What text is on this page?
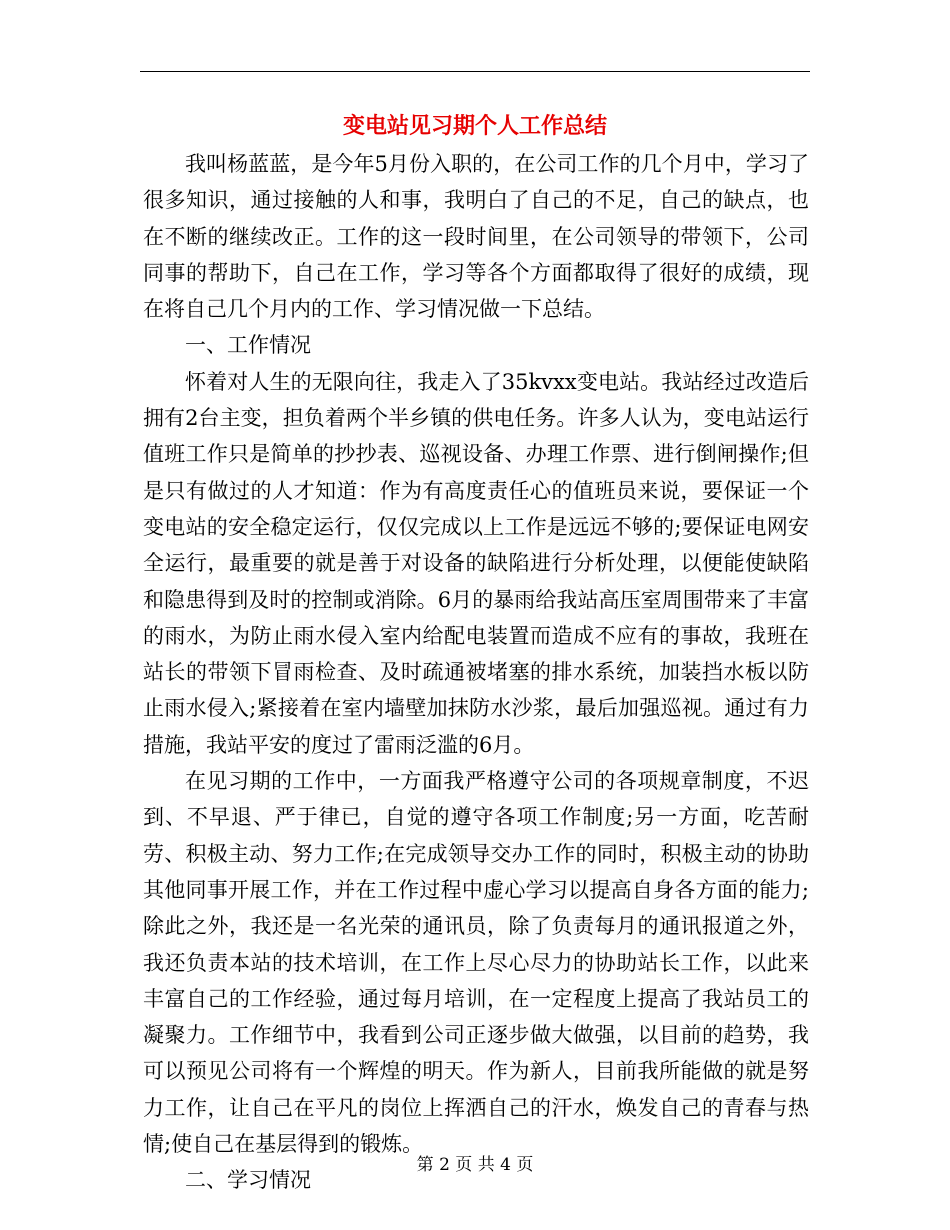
变电站见习期个人工作总结

我叫杨蓝蓝，是今年5月份入职的，在公司工作的几个月中，学习了很多知识，通过接触的人和事，我明白了自己的不足，自己的缺点，也在不断的继续改正。工作的这一段时间里，在公司领导的带领下，公司同事的帮助下，自己在工作，学习等各个方面都取得了很好的成绩，现在将自己几个月内的工作、学习情况做一下总结。

一、工作情况

怀着对人生的无限向往，我走入了35kvxx变电站。我站经过改造后拥有2台主变，担负着两个半乡镇的供电任务。许多人认为，变电站运行值班工作只是简单的抄抄表、巡视设备、办理工作票、进行倒闸操作;但是只有做过的人才知道：作为有高度责任心的值班员来说，要保证一个变电站的安全稳定运行，仅仅完成以上工作是远远不够的;要保证电网安全运行，最重要的就是善于对设备的缺陷进行分析处理，以便能使缺陷和隐患得到及时的控制或消除。6月的暴雨给我站高压室周围带来了丰富的雨水，为防止雨水侵入室内给配电装置而造成不应有的事故，我班在站长的带领下冒雨检查、及时疏通被堵塞的排水系统，加装挡水板以防止雨水侵入;紧接着在室内墙壁加抹防水沙浆，最后加强巡视。通过有力措施，我站平安的度过了雷雨泛滥的6月。

在见习期的工作中，一方面我严格遵守公司的各项规章制度，不迟到、不早退、严于律已，自觉的遵守各项工作制度;另一方面，吃苦耐劳、积极主动、努力工作;在完成领导交办工作的同时，积极主动的协助其他同事开展工作，并在工作过程中虚心学习以提高自身各方面的能力;除此之外，我还是一名光荣的通讯员，除了负责每月的通讯报道之外，我还负责本站的技术培训，在工作上尽心尽力的协助站长工作，以此来丰富自己的工作经验，通过每月培训，在一定程度上提高了我站员工的凝聚力。工作细节中，我看到公司正逐步做大做强，以目前的趋势，我可以预见公司将有一个辉煌的明天。作为新人，目前我所能做的就是努力工作，让自己在平凡的岗位上挥洒自己的汗水，焕发自己的青春与热情;使自己在基层得到的锻炼。

二、学习情况

第 2 页 共 4 页
